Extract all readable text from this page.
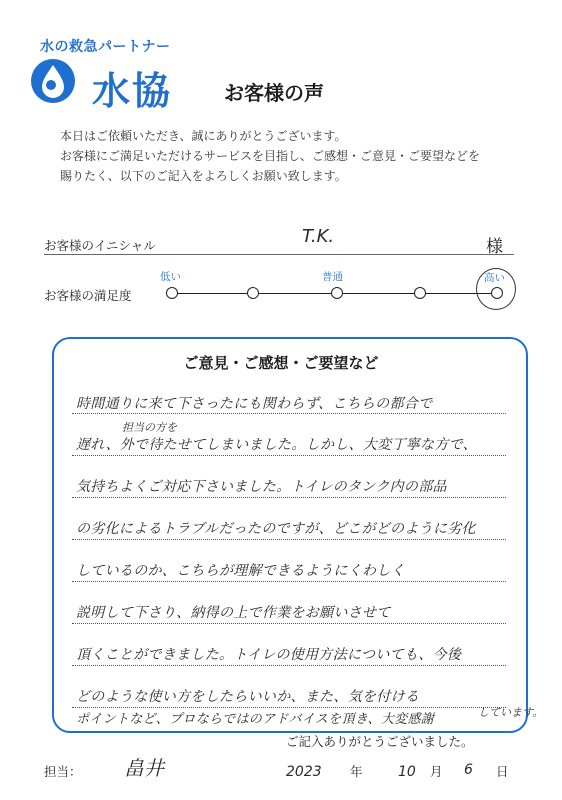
水の救急パートナー
水協	お客様の声
本日はご依頼いただき、誠にありがとうございます。
お客様にご満足いただけるサービスを目指し、ご感想・ご意見・ご要望などを
賜りたく、以下のご記入をよろしくお願い致します。
お客様のイニシャル	T.K.	様
お客様の満足度
低い	普通	高い
ご意見・ご感想・ご要望など
担当の方を
時間通りに来て下さったにも関わらず、こちらの都合で
遅れ、外で待たせてしまいました。しかし、大変丁寧な方で、
気持ちよくご対応下さいました。トイレのタンク内の部品
の劣化によるトラブルだったのですが、どこがどのように劣化
しているのか、こちらが理解できるようにくわしく
説明して下さり、納得の上で作業をお願いさせて
頂くことができました。トイレの使用方法についても、今後
どのような使い方をしたらいいか、また、気を付ける
ポイントなど、プロならではのアドバイスを頂き、大変感謝	しています。
ご記入ありがとうございました。
担当： 畠井	2023 年	10 月 6 日
